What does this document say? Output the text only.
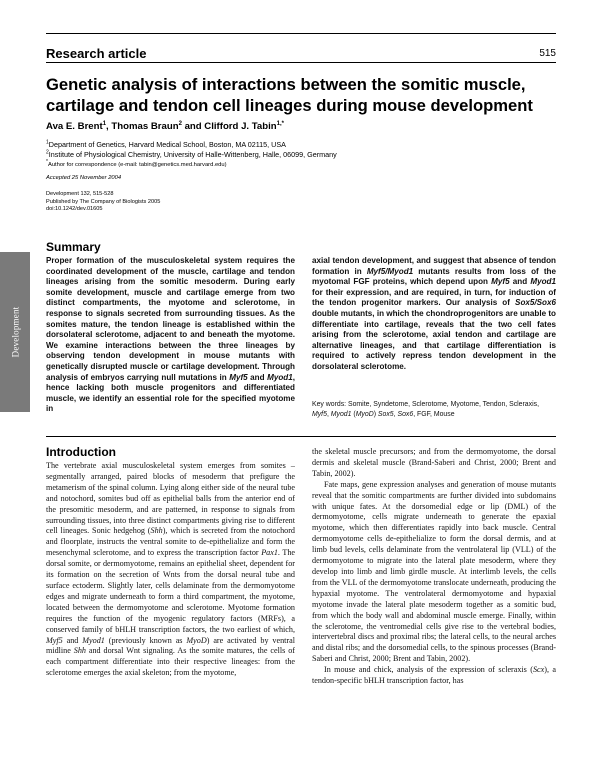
Research article	515
Genetic analysis of interactions between the somitic muscle, cartilage and tendon cell lineages during mouse development
Ava E. Brent$^1$, Thomas Braun$^2$ and Clifford J. Tabin$^{1,*}$
$^1$Department of Genetics, Harvard Medical School, Boston, MA 02115, USA
$^2$Institute of Physiological Chemistry, University of Halle-Wittenberg, Halle, 06099, Germany
*Author for correspondence (e-mail: tabin@genetics.med.harvard.edu)
Accepted 25 November 2004
Development 132, 515-528
Published by The Company of Biologists 2005
doi:10.1242/dev.01605
Development
Summary
Proper formation of the musculoskeletal system requires the coordinated development of the muscle, cartilage and tendon lineages arising from the somitic mesoderm. During early somite development, muscle and cartilage emerge from two distinct compartments, the myotome and sclerotome, in response to signals secreted from surrounding tissues. As the somites mature, the tendon lineage is established within the dorsolateral sclerotome, adjacent to and beneath the myotome. We examine interactions between the three lineages by observing tendon development in mouse mutants with genetically disrupted muscle or cartilage development. Through analysis of embryos carrying null mutations in Myf5 and Myod1, hence lacking both muscle progenitors and differentiated muscle, we identify an essential role for the specified myotome in
axial tendon development, and suggest that absence of tendon formation in Myf5/Myod1 mutants results from loss of the myotomal FGF proteins, which depend upon Myf5 and Myod1 for their expression, and are required, in turn, for induction of the tendon progenitor markers. Our analysis of Sox5/Sox6 double mutants, in which the chondroprogenitors are unable to differentiate into cartilage, reveals that the two cell fates arising from the sclerotome, axial tendon and cartilage are alternative lineages, and that cartilage differentiation is required to actively repress tendon development in the dorsolateral sclerotome.
Key words: Somite, Syndetome, Sclerotome, Myotome, Tendon, Scleraxis, Myf5, Myod1 (MyoD) Sox5, Sox6, FGF, Mouse
Introduction

The vertebrate axial musculoskeletal system emerges from somites – segmentally arranged, paired blocks of mesoderm that prefigure the metamerism of the spinal column. Lying along either side of the neural tube and notochord, somites bud off as epithelial balls from the anterior end of the presomitic mesoderm, and are patterned, in response to signals from surrounding tissues, into three distinct compartments giving rise to different cell lineages. Sonic hedgehog (Shh), which is secreted from the notochord and floorplate, instructs the ventral somite to de-epithelialize and form the mesenchymal sclerotome, and to express the transcription factor Pax1. The dorsal somite, or dermomyotome, remains an epithelial sheet, dependent for its formation on the secretion of Wnts from the dorsal neural tube and surface ectoderm. Slightly later, cells delaminate from the dermomyotome edges and migrate underneath to form a third compartment, the myotome, located between the dermomyotome and sclerotome. Myotome formation requires the function of the myogenic regulatory factors (MRFs), a conserved family of bHLH transcription factors, the two earliest of which, Myf5 and Myod1 (previously known as MyoD) are activated by ventral midline Shh and dorsal Wnt signaling. As the somite matures, the cells of each compartment differentiate into their respective lineages: from the sclerotome emerges the axial skeleton; from the myotome,

the skeletal muscle precursors; and from the dermomyotome, the dorsal dermis and skeletal muscle (Brand-Saberi and Christ, 2000; Brent and Tabin, 2002).

Fate maps, gene expression analyses and generation of mouse mutants reveal that the somitic compartments are further divided into subdomains with unique fates. At the dorsomedial edge or lip (DML) of the dermomyotome, cells migrate underneath to generate the epaxial myotome, which then differentiates rapidly into back muscle. Central dermomyotome cells de-epithelialize to form the dorsal dermis, and at limb bud levels, cells delaminate from the ventrolateral lip (VLL) of the dermomyotome to migrate into the lateral plate mesoderm, where they develop into limb and limb girdle muscle. At interlimb levels, the cells from the VLL of the dermomyotome translocate underneath, producing the hypaxial myotome. The ventrolateral dermomyotome and hypaxial myotome invade the lateral plate mesoderm together as a somitic bud, from which the body wall and abdominal muscle emerge. Finally, within the sclerotome, the ventromedial cells give rise to the vertebral bodies, intervertebral discs and proximal ribs; the lateral cells, to the neural arches and distal ribs; and the dorsomedial cells, to the spinous processes (Brand-Saberi and Christ, 2000; Brent and Tabin, 2002).

In mouse and chick, analysis of the expression of scleraxis (Scx), a tendon-specific bHLH transcription factor, has
